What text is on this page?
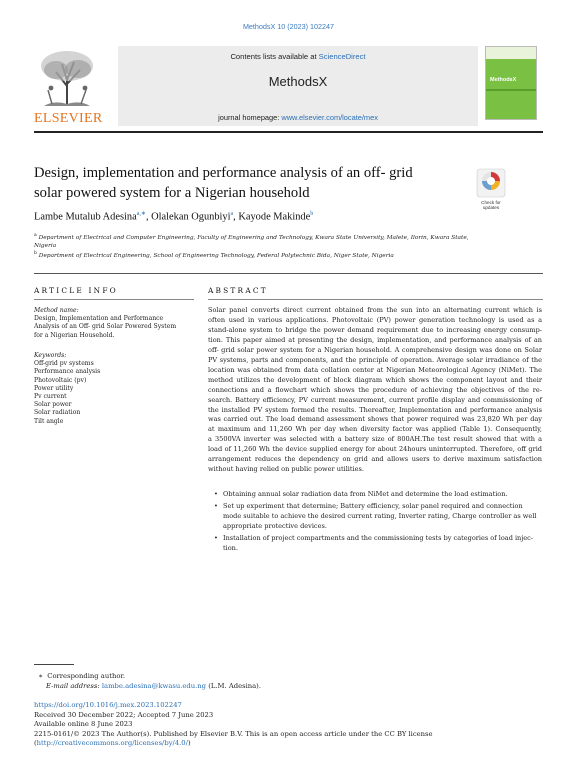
MethodsX 10 (2023) 102247
ELSEVIER
Contents lists available at ScienceDirect
MethodsX
journal homepage: www.elsevier.com/locate/mex
MethodsX
Design, implementation and performance analysis of an off- grid solar powered system for a Nigerian household
Check for
updates
Lambe Mutalub Adesina$^{a,∗}$, Olalekan Ogunbiyi$^a$, Kayode Makinde$^b$
$^a$ Department of Electrical and Computer Engineering, Faculty of Engineering and Technology, Kwara State University, Malete, Ilorin, Kwara State,
Nigeria
$^b$ Department of Electrical Engineering, School of Engineering Technology, Federal Polytechnic Bida, Niger State, Nigeria
ARTICLE INFO	ABSTRACT
Method name:
Design, Implementation and Performance
Analysis of an Off- grid Solar Powered System
for a Nigerian Household.
Keywords:
Off-grid pv systems
Performance analysis
Photovoltaic (pv)
Power utility
Pv current
Solar power
Solar radiation
Tilt angle

Solar panel converts direct current obtained from the sun into an alternating current which is
often used in various applications. Photovoltaic (PV) power generation technology is used as a
stand-alone system to bridge the power demand requirement due to increasing energy consump-
tion. This paper aimed at presenting the design, implementation, and performance analysis of an
off- grid solar power system for a Nigerian household. A comprehensive design was done on Solar
PV systems, parts and components, and the principle of operation. Average solar irradiance of the
location was obtained from data collation center at Nigerian Meteorological Agency (NiMet). The
method utilizes the development of block diagram which shows the component layout and their
connections and a flowchart which shows the procedure of achieving the objectives of the re-
search. Battery efficiency, PV current measurement, current profile display and commissioning of
the installed PV system formed the results. Thereafter, Implementation and performance analysis
was carried out. The load demand assessment shows that power required was 23,820 Wh per day
at maximum and 11,260 Wh per day when diversity factor was applied (Table 1). Consequently,
a 3500VA inverter was selected with a battery size of 800AH.The test result showed that with a
load of 11,260 Wh the device supplied energy for about 24hours uninterrupted. Therefore, off grid
arrangement reduces the dependency on grid and allows users to derive maximum satisfaction
without having relied on public power utilities.

• Obtaining annual solar radiation data from NiMet and determine the load estimation.
• Set up experiment that determine; Battery efficiency, solar panel required and connection
mode suitable to achieve the desired current rating, Inverter rating, Charge controller as well
appropriate protective devices.
• Installation of project compartments and the commissioning tests by categories of load injec-
tion.
∗  Corresponding author.
E-mail address: lambe.adesina@kwasu.edu.ng (L.M. Adesina).
https://doi.org/10.1016/j.mex.2023.102247
Received 30 December 2022; Accepted 7 June 2023
Available online 8 June 2023
2215-0161/© 2023 The Author(s). Published by Elsevier B.V. This is an open access article under the CC BY license
(http://creativecommons.org/licenses/by/4.0/)
